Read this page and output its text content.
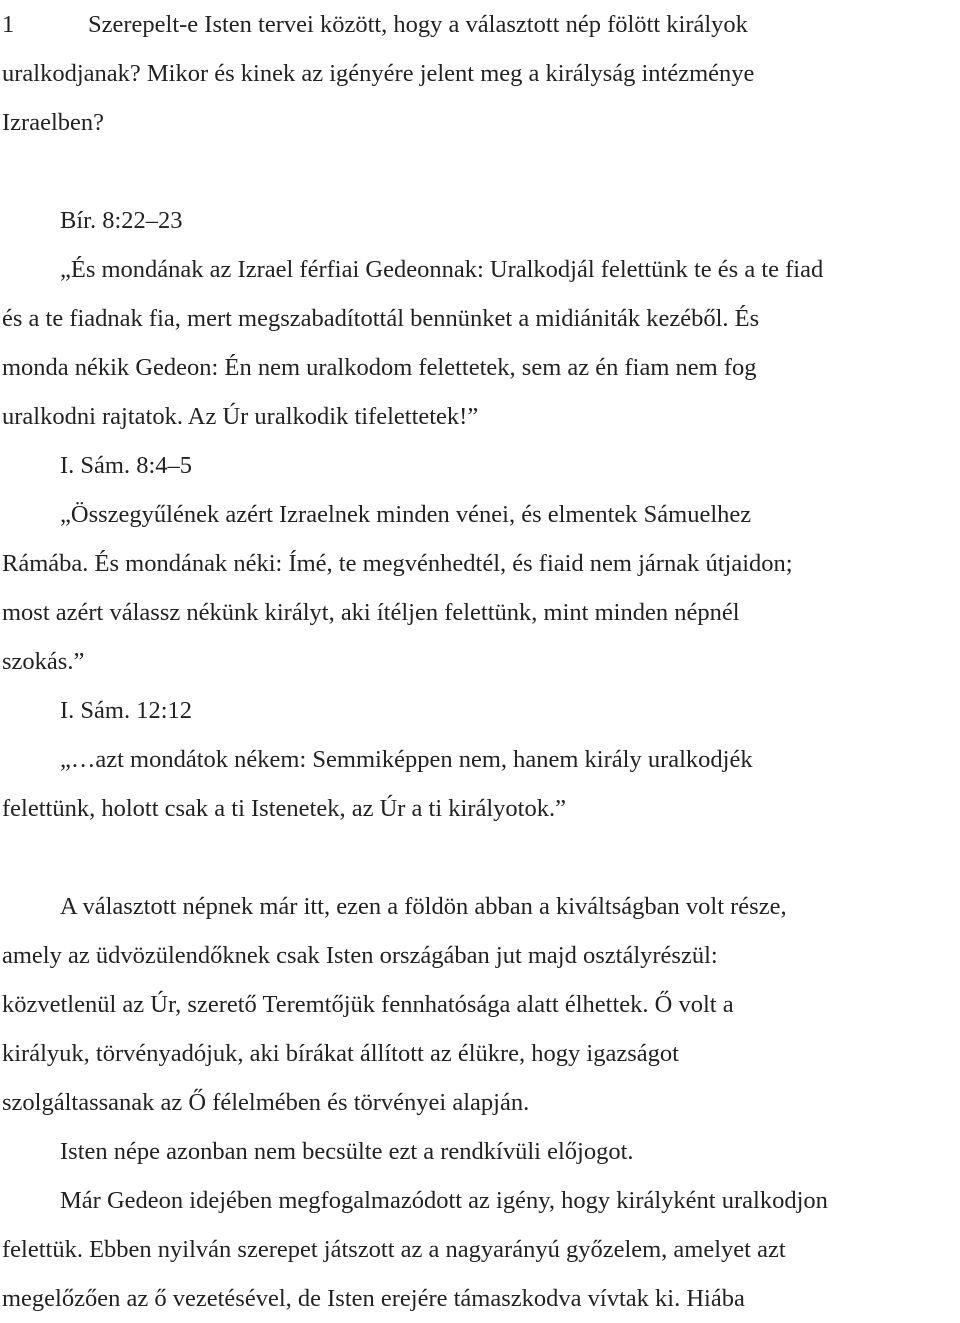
1	Szerepelt-e Isten tervei között, hogy a választott nép fölött királyok
uralkodjanak? Mikor és kinek az igényére jelent meg a királyság intézménye
Izraelben?
Bír. 8:22–23
„És mondának az Izrael férfiai Gedeonnak: Uralkodjál felettünk te és a te fiad
és a te fiadnak fia, mert megszabadítottál bennünket a midiániták kezéből. És
monda nékik Gedeon: Én nem uralkodom felettetek, sem az én fiam nem fog
uralkodni rajtatok. Az Úr uralkodik tifelettetek!”
I. Sám. 8:4–5
„Összegyűlének azért Izraelnek minden vénei, és elmentek Sámuelhez
Rámába. És mondának néki: Ímé, te megvénhedtél, és fiaid nem járnak útjaidon;
most azért válassz nékünk királyt, aki ítéljen felettünk, mint minden népnél
szokás.”
I. Sám. 12:12
„…azt mondátok nékem: Semmiképpen nem, hanem király uralkodjék
felettünk, holott csak a ti Istenetek, az Úr a ti királyotok.”
A választott népnek már itt, ezen a földön abban a kiváltságban volt része,
amely az üdvözülendőknek csak Isten országában jut majd osztályrészül:
közvetlenül az Úr, szerető Teremtőjük fennhatósága alatt élhettek. Ő volt a
királyuk, törvényadójuk, aki bírákat állított az élükre, hogy igazságot
szolgáltassanak az Ő félelmében és törvényei alapján.
Isten népe azonban nem becsülte ezt a rendkívüli előjogot.
Már Gedeon idejében megfogalmazódott az igény, hogy királyként uralkodjon
felettük. Ebben nyilván szerepet játszott az a nagyarányú győzelem, amelyet azt
megelőzően az ő vezetésével, de Isten erejére támaszkodva vívtak ki. Hiába
